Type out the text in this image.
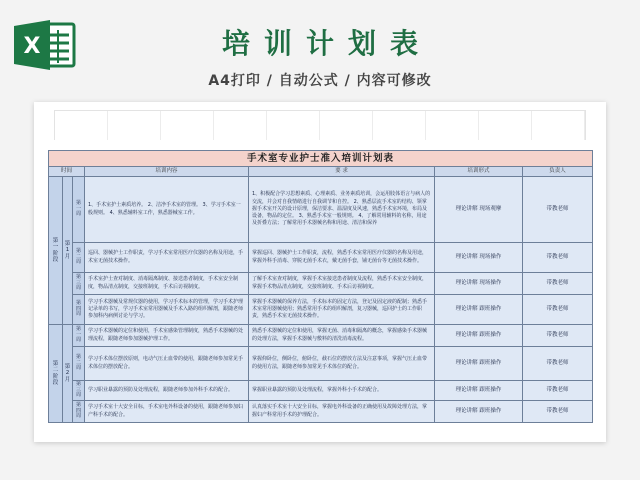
X	培训计划表
A4打印 / 自动公式 / 内容可修改
手术室专业护士准入培训计划表						
时间			培训内容	要 求	培训形式	负责人

第一阶段	第1月	第一周	1、手术室护士素质培养。 2、洁净手术室的管理。 3、学习手术室一般规则。 4、熟悉辅料室工作，熟悉器械室工作。	1、积极配合学习思想素质、心理素质、业务素质培训，会运用肢体语言与病人的交流，并会对自我情绪进行自我调节和自控。 2、熟悉层流手术室的结构、领掌握手术室开关的设计原理，保洁要求、温湿度及风速，熟悉手术室环境，布局及设备，物品的定位。 3、熟悉手术室一般规则。 4、了解常用辅料的名称，用途及折叠方法；了解常用手术器械名称和用途、清洁和保养	理论讲解 现场观摩	带教老师

		第二周	巡回、器械护士工作职责，学习手术室常用医疗仪器的名称及用途，手术室无菌技术操作。	掌握巡回、器械护士工作职责，流程，熟悉手术室常用医疗仪器的名称及用途，掌握外科手消毒、穿脱无菌手术衣，戴无菌手套，铺无菌台等无菌技术操作。	理论讲解 现场操作	带教老师

		第三周	手术室护士查对制度、消毒隔离制度、接送患者制度，手术室安全制度，物品清点制度，交接班制度，手术后访视制度。	了解手术室查对制度，掌握手术室接送患者制度及流程，熟悉手术室安全制度，掌握手术物品清点制度，交接班制度、手术后访视制度。	理论讲解 现场操作	带教老师

		第四周	学习手术器械及常规仪器的使用，学习手术标本的管理，学习手术护理记录单的书写，学习手术室常用器械及手术入路的组织解剖，跟随老师参加科内病例讨论与学习。	掌握手术器械的保养方法，手术标本的固定方法，登记及固定液的配制；熟悉手术室常用器械使用；熟悉常用手术的组织解剖，复习器械，巡回护士的工作职责，熟悉手术室无菌技术操作。	理论讲解 跟班操作	带教老师

第二阶段	第2月	第一周	学习手术器械的定位和使用，手术室感染管理制度，熟悉手术器械的处理流程，跟随老师参加器械护理工作。	熟悉手术器械的定位和使用，掌握无菌、消毒和隔离的概念，掌握感染手术器械的处理方法，掌握手术器械与敷料的清洗消毒流程。	理论讲解 跟班操作	带教老师

		第二周	学习手术体位摆放原则，电动气压止血带的使用，跟随老师参加常见手术体位的摆放配合。	掌握仰卧位，侧卧位，俯卧位，截石位的摆放方法及注意事项，掌握气压止血带的使用方法，跟随老师参加常见手术体位的配合。	理论讲解 跟班操作	带教老师

		第三周	学习职业暴露的预防及处理流程，跟随老师参加外科手术的配合。	掌握职业暴露的预防及处理流程，掌握外科小手术的配合。	理论讲解 跟班操作	带教老师

		第四周	学习手术室十大安全目标，手术室电外科设备的使用，跟随老师参加妇产科手术的配合。	认真落实手术室十大安全目标，掌握电外科设备的正确使用及故障处理方法，掌握妇产科常用手术的护理配合。	理论讲解 跟班操作	带教老师
